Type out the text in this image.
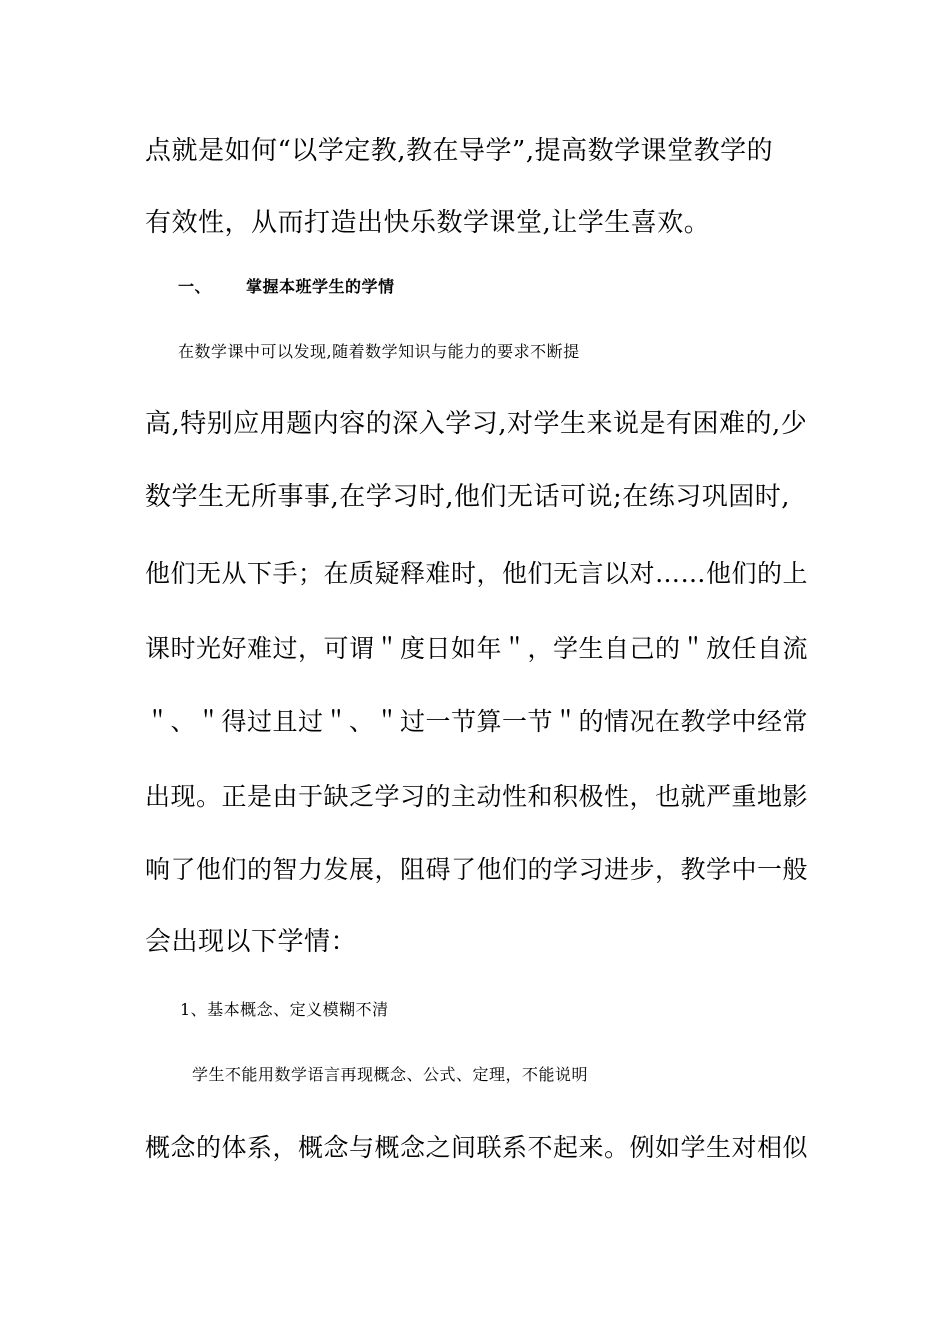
点就是如何“以学定教,教在导学”,提高数学课堂教学的
有效性，从而打造出快乐数学课堂,让学生喜欢。
一、 掌握本班学生的学情
在数学课中可以发现,随着数学知识与能力的要求不断提
高,特别应用题内容的深入学习,对学生来说是有困难的,少
数学生无所事事,在学习时,他们无话可说;在练习巩固时,
他们无从下手；在质疑释难时，他们无言以对……他们的上
课时光好难过，可谓＂度日如年＂，学生自己的＂放任自流
＂、＂得过且过＂、＂过一节算一节＂的情况在教学中经常
出现。正是由于缺乏学习的主动性和积极性，也就严重地影
响了他们的智力发展，阻碍了他们的学习进步，教学中一般
会出现以下学情：
1、基本概念、定义模糊不清
学生不能用数学语言再现概念、公式、定理，不能说明
概念的体系，概念与概念之间联系不起来。例如学生对相似
